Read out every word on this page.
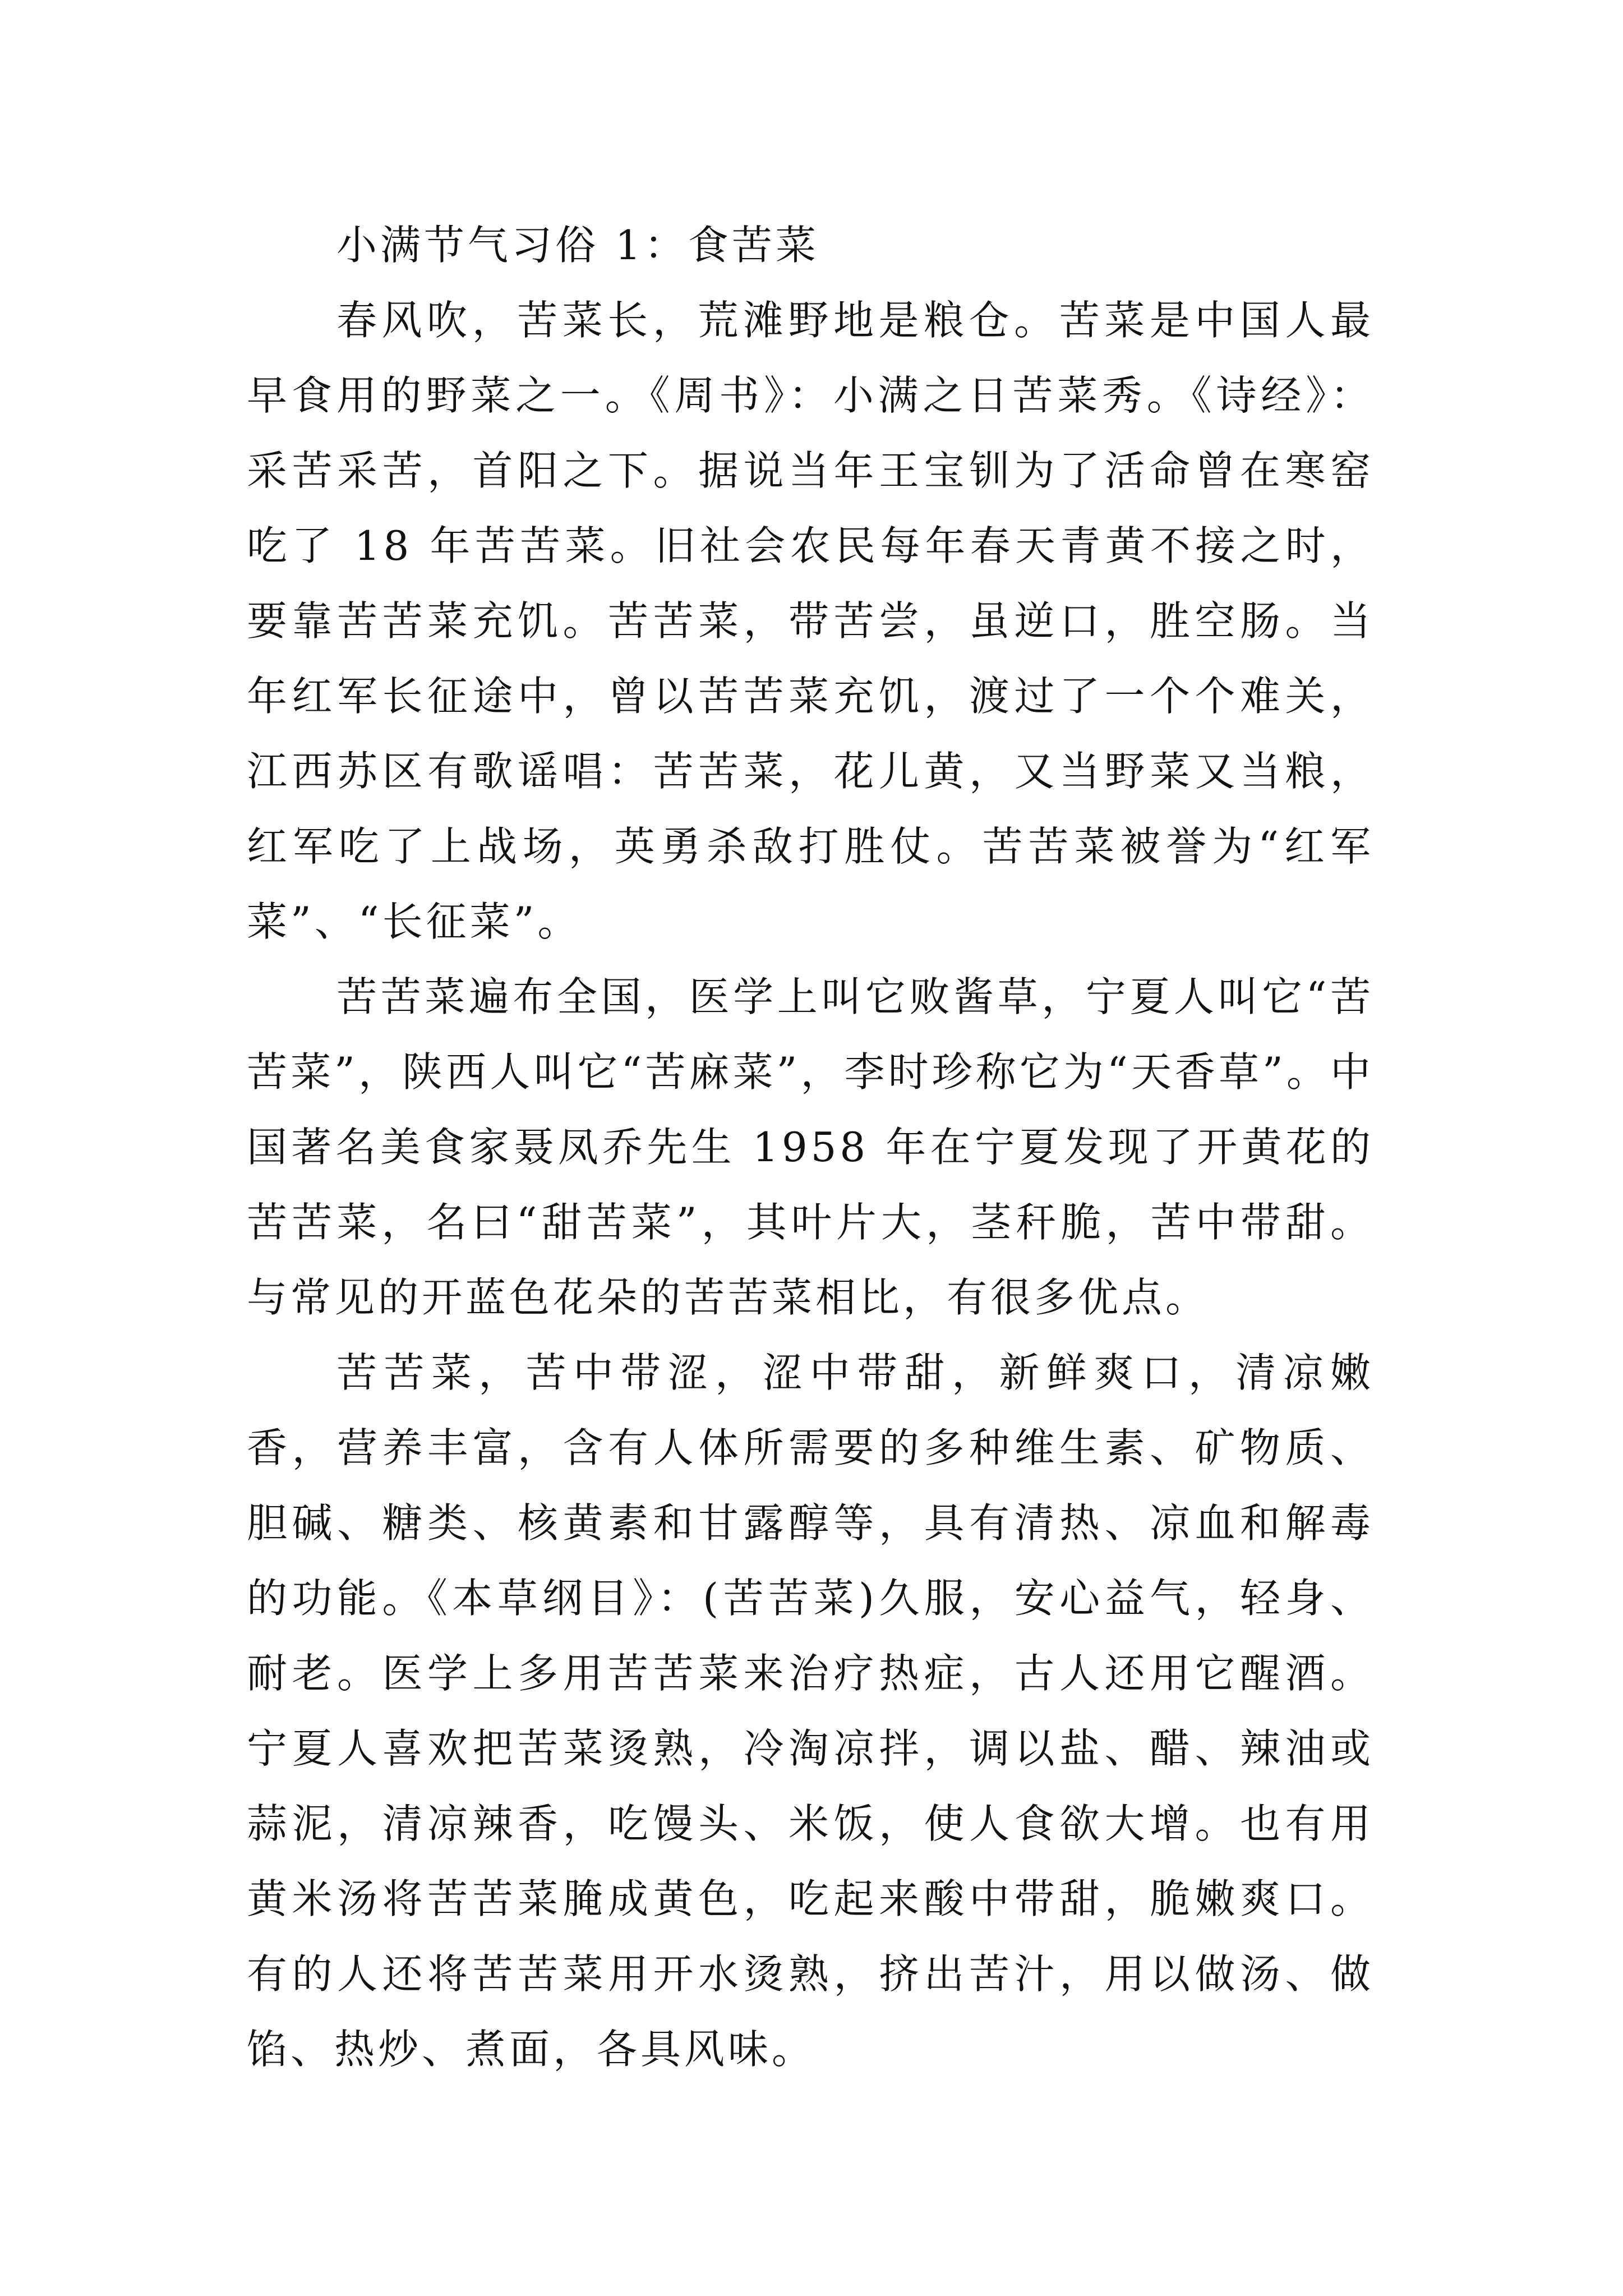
小满节气习俗 1：食苦菜

春风吹，苦菜长，荒滩野地是粮仓。苦菜是中国人最早食用的野菜之一。《周书》：小满之日苦菜秀。《诗经》：采苦采苦，首阳之下。据说当年王宝钏为了活命曾在寒窑吃了 18 年苦苦菜。旧社会农民每年春天青黄不接之时，要靠苦苦菜充饥。苦苦菜，带苦尝，虽逆口，胜空肠。当年红军长征途中，曾以苦苦菜充饥，渡过了一个个难关，江西苏区有歌谣唱：苦苦菜，花儿黄，又当野菜又当粮，红军吃了上战场，英勇杀敌打胜仗。苦苦菜被誉为“红军菜”、“长征菜”。

苦苦菜遍布全国，医学上叫它败酱草，宁夏人叫它“苦苦菜”，陕西人叫它“苦麻菜”，李时珍称它为“天香草”。中国著名美食家聂凤乔先生 1958 年在宁夏发现了开黄花的苦苦菜，名曰“甜苦菜”，其叶片大，茎秆脆，苦中带甜。与常见的开蓝色花朵的苦苦菜相比，有很多优点。

苦苦菜，苦中带涩，涩中带甜，新鲜爽口，清凉嫩香，营养丰富，含有人体所需要的多种维生素、矿物质、胆碱、糖类、核黄素和甘露醇等，具有清热、凉血和解毒的功能。《本草纲目》：(苦苦菜)久服，安心益气，轻身、耐老。医学上多用苦苦菜来治疗热症，古人还用它醒酒。宁夏人喜欢把苦菜烫熟，冷淘凉拌，调以盐、醋、辣油或蒜泥，清凉辣香，吃馒头、米饭，使人食欲大增。也有用黄米汤将苦苦菜腌成黄色，吃起来酸中带甜，脆嫩爽口。有的人还将苦苦菜用开水烫熟，挤出苦汁，用以做汤、做馅、热炒、煮面，各具风味。
